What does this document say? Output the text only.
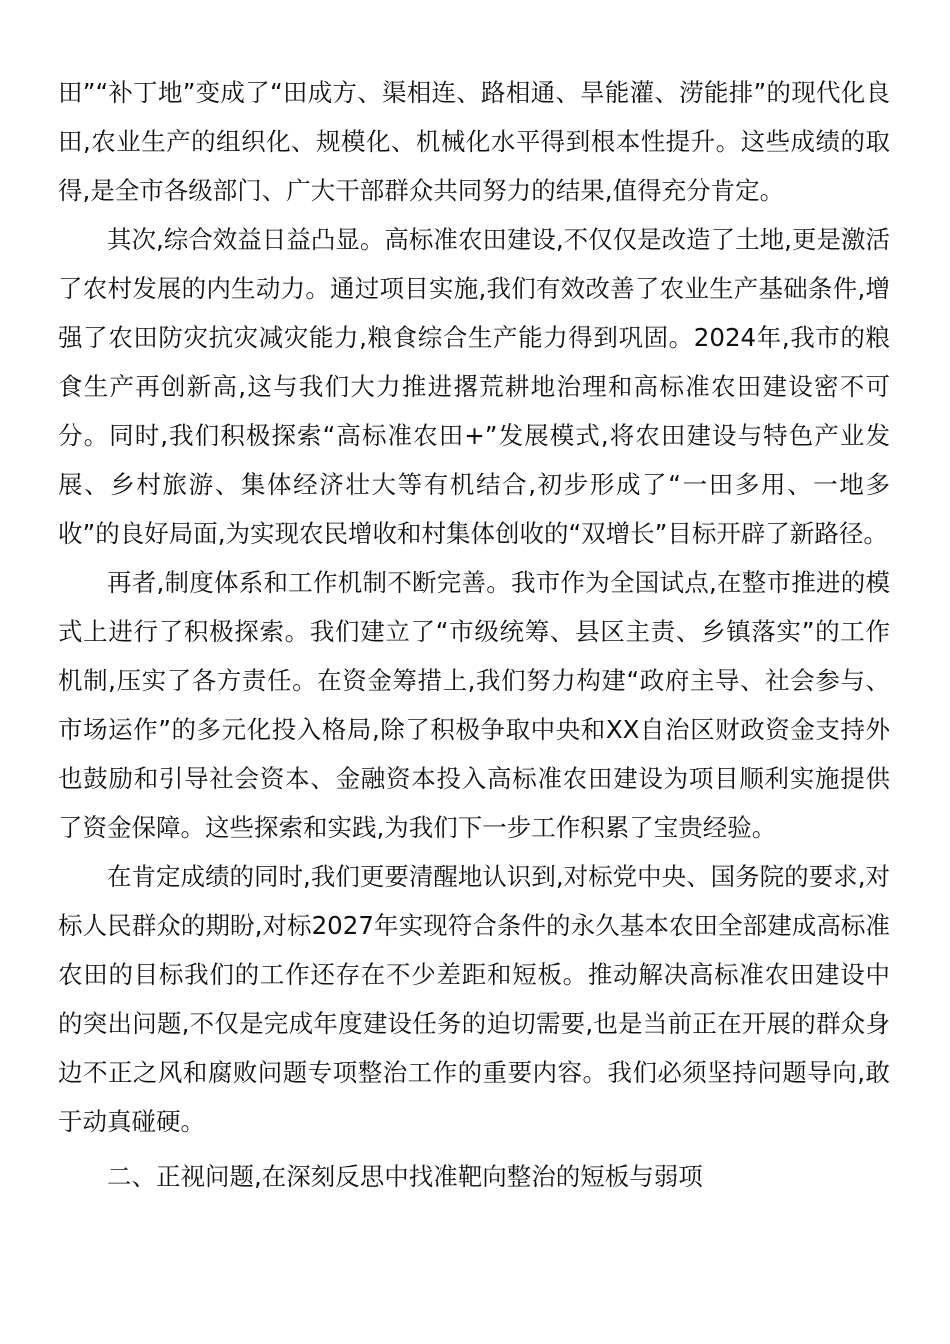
田”“补丁地”变成了“田成方、渠相连、路相通、旱能灌、涝能排”的现代化良田,农业生产的组织化、规模化、机械化水平得到根本性提升。这些成绩的取得,是全市各级部门、广大干部群众共同努力的结果,值得充分肯定。

其次,综合效益日益凸显。高标准农田建设,不仅仅是改造了土地,更是激活了农村发展的内生动力。通过项目实施,我们有效改善了农业生产基础条件,增强了农田防灾抗灾减灾能力,粮食综合生产能力得到巩固。2024年,我市的粮食生产再创新高,这与我们大力推进撂荒耕地治理和高标准农田建设密不可分。同时,我们积极探索“高标准农田+”发展模式,将农田建设与特色产业发展、乡村旅游、集体经济壮大等有机结合,初步形成了“一田多用、一地多收”的良好局面,为实现农民增收和村集体创收的“双增长”目标开辟了新路径。

再者,制度体系和工作机制不断完善。我市作为全国试点,在整市推进的模式上进行了积极探索。我们建立了“市级统筹、县区主责、乡镇落实”的工作机制,压实了各方责任。在资金筹措上,我们努力构建“政府主导、社会参与、市场运作”的多元化投入格局,除了积极争取中央和XX自治区财政资金支持外也鼓励和引导社会资本、金融资本投入高标准农田建设为项目顺利实施提供了资金保障。这些探索和实践,为我们下一步工作积累了宝贵经验。

在肯定成绩的同时,我们更要清醒地认识到,对标党中央、国务院的要求,对标人民群众的期盼,对标2027年实现符合条件的永久基本农田全部建成高标准农田的目标我们的工作还存在不少差距和短板。推动解决高标准农田建设中的突出问题,不仅是完成年度建设任务的迫切需要,也是当前正在开展的群众身边不正之风和腐败问题专项整治工作的重要内容。我们必须坚持问题导向,敢于动真碰硬。

二、正视问题,在深刻反思中找准靶向整治的短板与弱项
